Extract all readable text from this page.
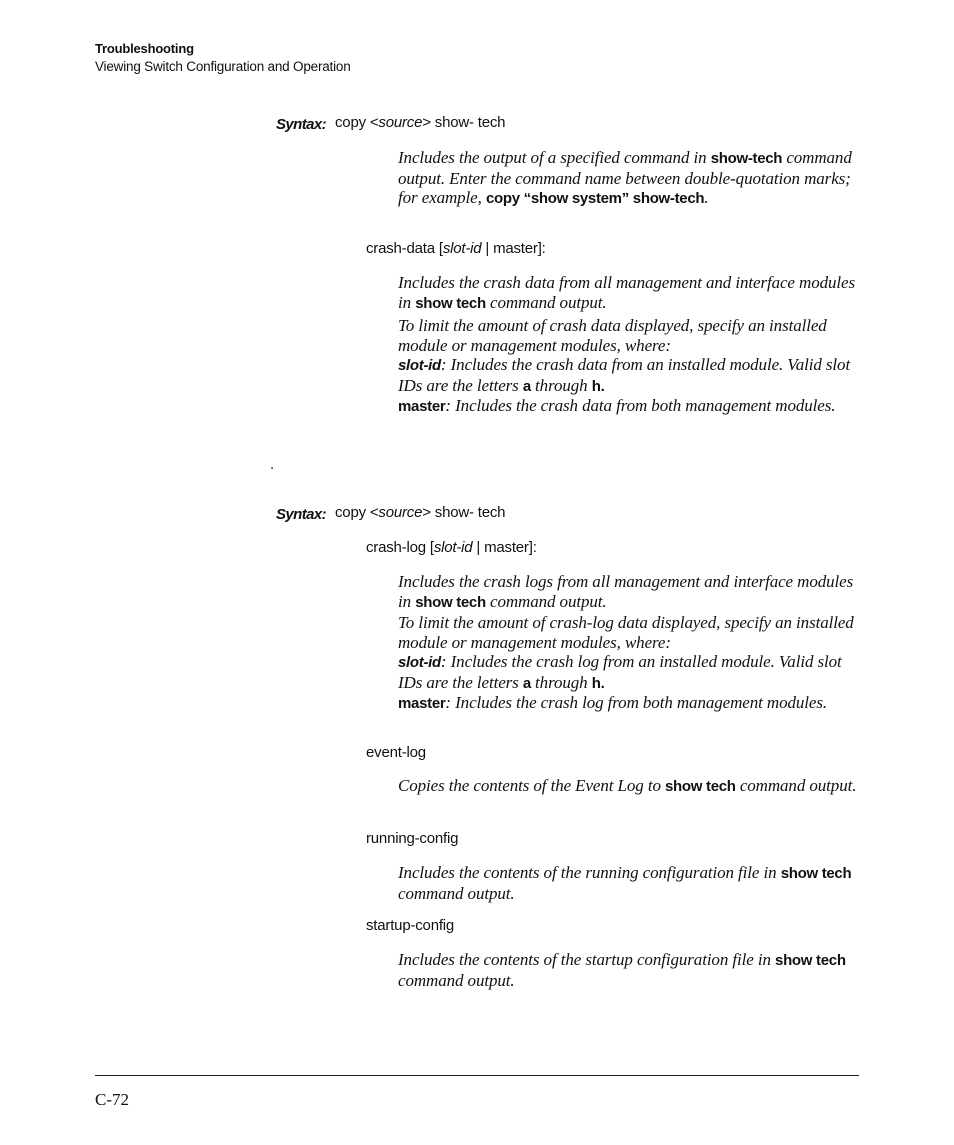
Troubleshooting
Viewing Switch Configuration and Operation
Syntax: copy <source> show- tech
Includes the output of a specified command in show-tech command output. Enter the command name between double-quotation marks; for example, copy “show system” show-tech.
crash-data [slot-id | master]:

Includes the crash data from all management and interface modules in show tech command output.

To limit the amount of crash data displayed, specify an installed module or management modules, where:

slot-id: Includes the crash data from an installed module. Valid slot IDs are the letters a through h.

master: Includes the crash data from both management modules.

.
Syntax: copy <source> show- tech
crash-log [slot-id | master]:

Includes the crash logs from all management and interface modules in show tech command output.

To limit the amount of crash-log data displayed, specify an installed module or management modules, where:

slot-id: Includes the crash log from an installed module. Valid slot IDs are the letters a through h.

master: Includes the crash log from both management modules.

event-log
Copies the contents of the Event Log to show tech command output.
running-config
Includes the contents of the running configuration file in show tech command output.
startup-config
Includes the contents of the startup configuration file in show tech command output.
C-72
